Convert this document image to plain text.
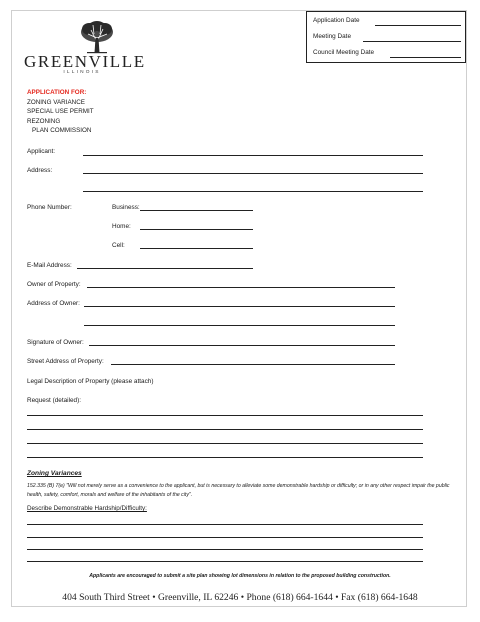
Application Date
Meeting Date
Council Meeting Date
GREENVILLE
ILLINOIS
APPLICATION FOR:
ZONING VARIANCE
SPECIAL USE PERMIT
REZONING
PLAN COMMISSION
Applicant:
Address:
Phone Number:	Business:
Home:
Cell:
E-Mail Address:
Owner of Property:
Address of Owner:
Signature of Owner:
Street Address of Property:
Legal Description of Property (please attach)
Request (detailed):
Zoning Variances
152.335 (B) 7(e) "Will not merely serve as a convenience to the applicant, but is necessary to alleviate some demonstrable hardship or difficulty; or in any other respect impair the public health, safety, comfort, morals and welfare of the inhabitants of the city".
Describe Demonstrable Hardship/Difficulty:
Applicants are encouraged to submit a site plan showing lot dimensions in relation to the proposed building construction.
404 South Third Street • Greenville, IL 62246 • Phone (618) 664-1644 • Fax (618) 664-1648
